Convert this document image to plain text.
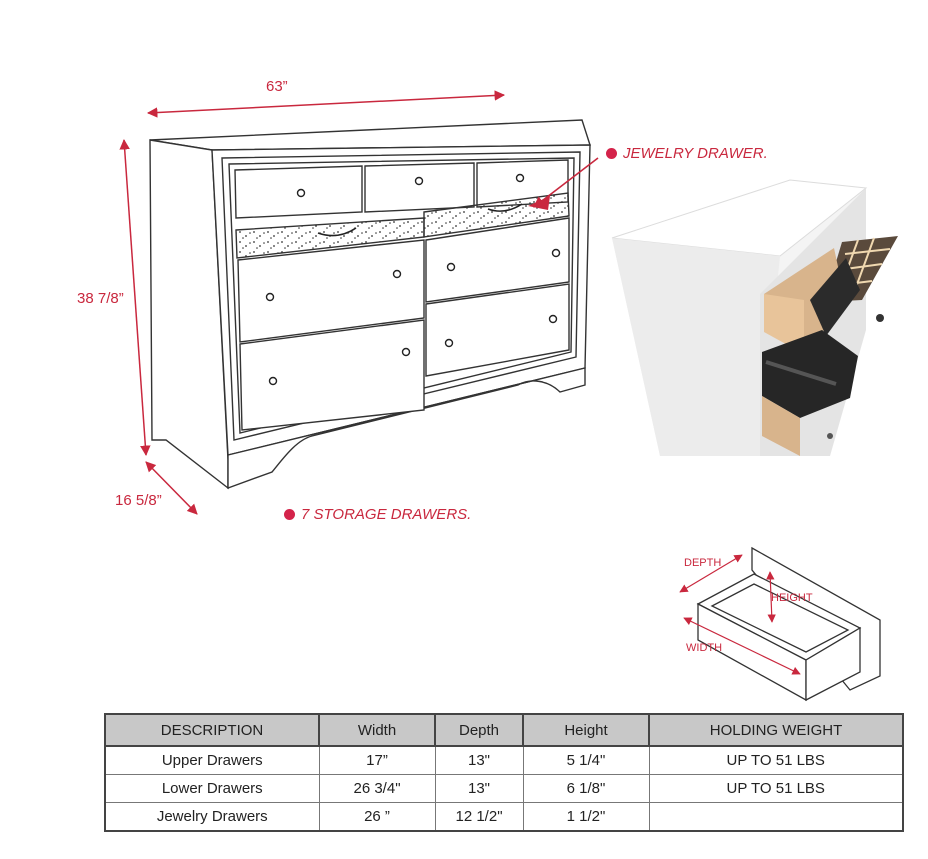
63”
38 7/8”
16 5/8”
JEWELRY DRAWER.
7 STORAGE DRAWERS.
DEPTH
HEIGHT
WIDTH
DESCRIPTION	Width	Depth	Height	HOLDING WEIGHT
Upper Drawers	17”	13"	5 1/4"	UP TO 51 LBS
Lower Drawers	26 3/4"	13"	6 1/8"	UP TO 51 LBS
Jewelry Drawers	26 ”	12 1/2"	1 1/2"	
